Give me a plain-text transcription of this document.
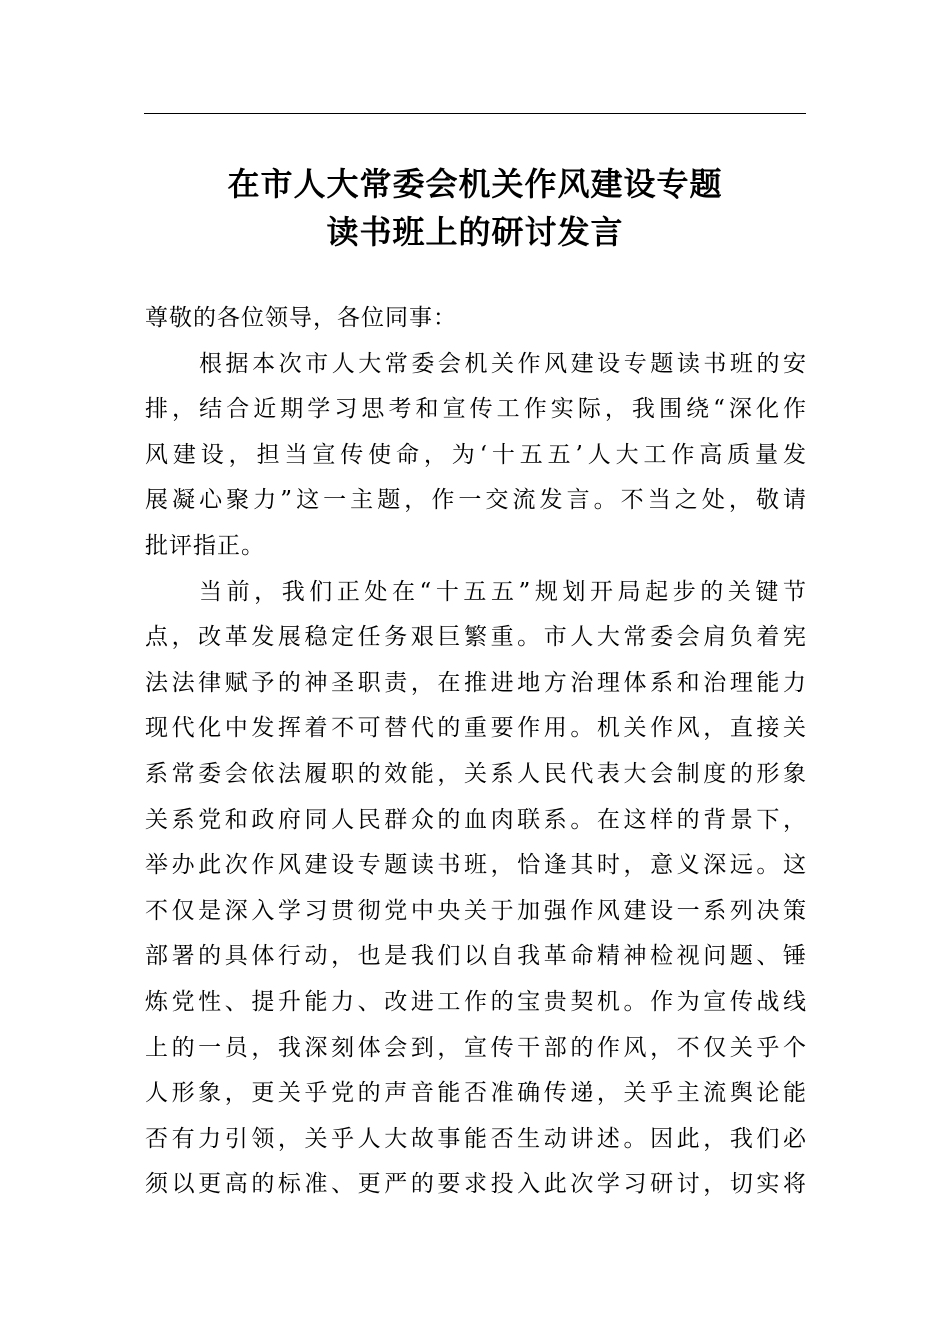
在市人大常委会机关作风建设专题
读书班上的研讨发言

尊敬的各位领导，各位同事：

根据本次市人大常委会机关作风建设专题读书班的安
排，结合近期学习思考和宣传工作实际，我围绕“深化作
风建设，担当宣传使命，为‘十五五’人大工作高质量发
展凝心聚力”这一主题，作一交流发言。不当之处，敬请
批评指正。
当前，我们正处在“十五五”规划开局起步的关键节
点，改革发展稳定任务艰巨繁重。市人大常委会肩负着宪
法法律赋予的神圣职责，在推进地方治理体系和治理能力
现代化中发挥着不可替代的重要作用。机关作风，直接关
系常委会依法履职的效能，关系人民代表大会制度的形象
关系党和政府同人民群众的血肉联系。在这样的背景下，
举办此次作风建设专题读书班，恰逢其时，意义深远。这
不仅是深入学习贯彻党中央关于加强作风建设一系列决策
部署的具体行动，也是我们以自我革命精神检视问题、锤
炼党性、提升能力、改进工作的宝贵契机。作为宣传战线
上的一员，我深刻体会到，宣传干部的作风，不仅关乎个
人形象，更关乎党的声音能否准确传递，关乎主流舆论能
否有力引领，关乎人大故事能否生动讲述。因此，我们必
须以更高的标准、更严的要求投入此次学习研讨，切实将
